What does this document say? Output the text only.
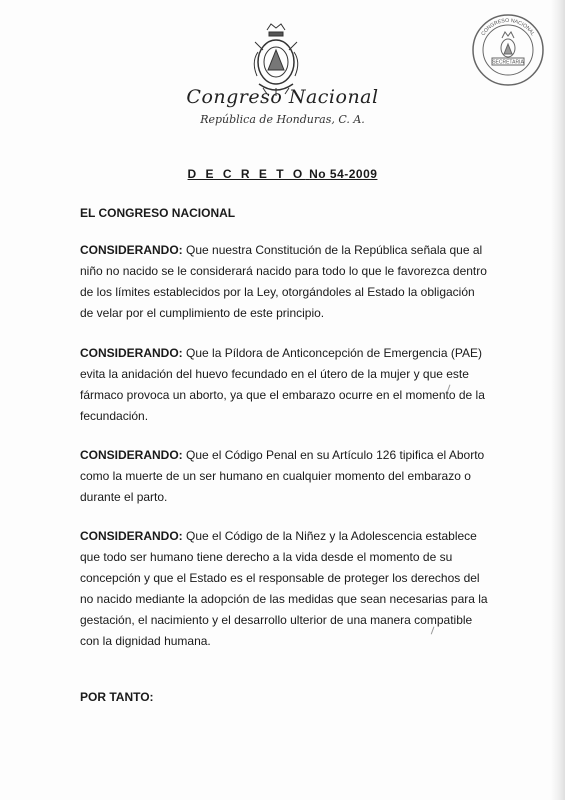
Congreso Nacional
República de Honduras, C. A.
SECRETARIA
CONGRESO NACIONAL
D E C R E T O No 54-2009
EL CONGRESO NACIONAL
CONSIDERANDO: Que nuestra Constitución de la República señala que al
niño no nacido se le considerará nacido para todo lo que le favorezca dentro
de los límites establecidos por la Ley, otorgándoles al Estado la obligación
de velar por el cumplimiento de este principio.
CONSIDERANDO: Que la Píldora de Anticoncepción de Emergencia (PAE)
evita la anidación del huevo fecundado en el útero de la mujer y que este
fármaco provoca un aborto, ya que el embarazo ocurre en el momento de la
fecundación.
CONSIDERANDO: Que el Código Penal en su Artículo 126 tipifica el Aborto
como la muerte de un ser humano en cualquier momento del embarazo o
durante el parto.
CONSIDERANDO: Que el Código de la Niñez y la Adolescencia establece
que todo ser humano tiene derecho a la vida desde el momento de su
concepción y que el Estado es el responsable de proteger los derechos del
no nacido mediante la adopción de las medidas que sean necesarias para la
gestación, el nacimiento y el desarrollo ulterior de una manera compatible
con la dignidad humana.
POR TANTO:
